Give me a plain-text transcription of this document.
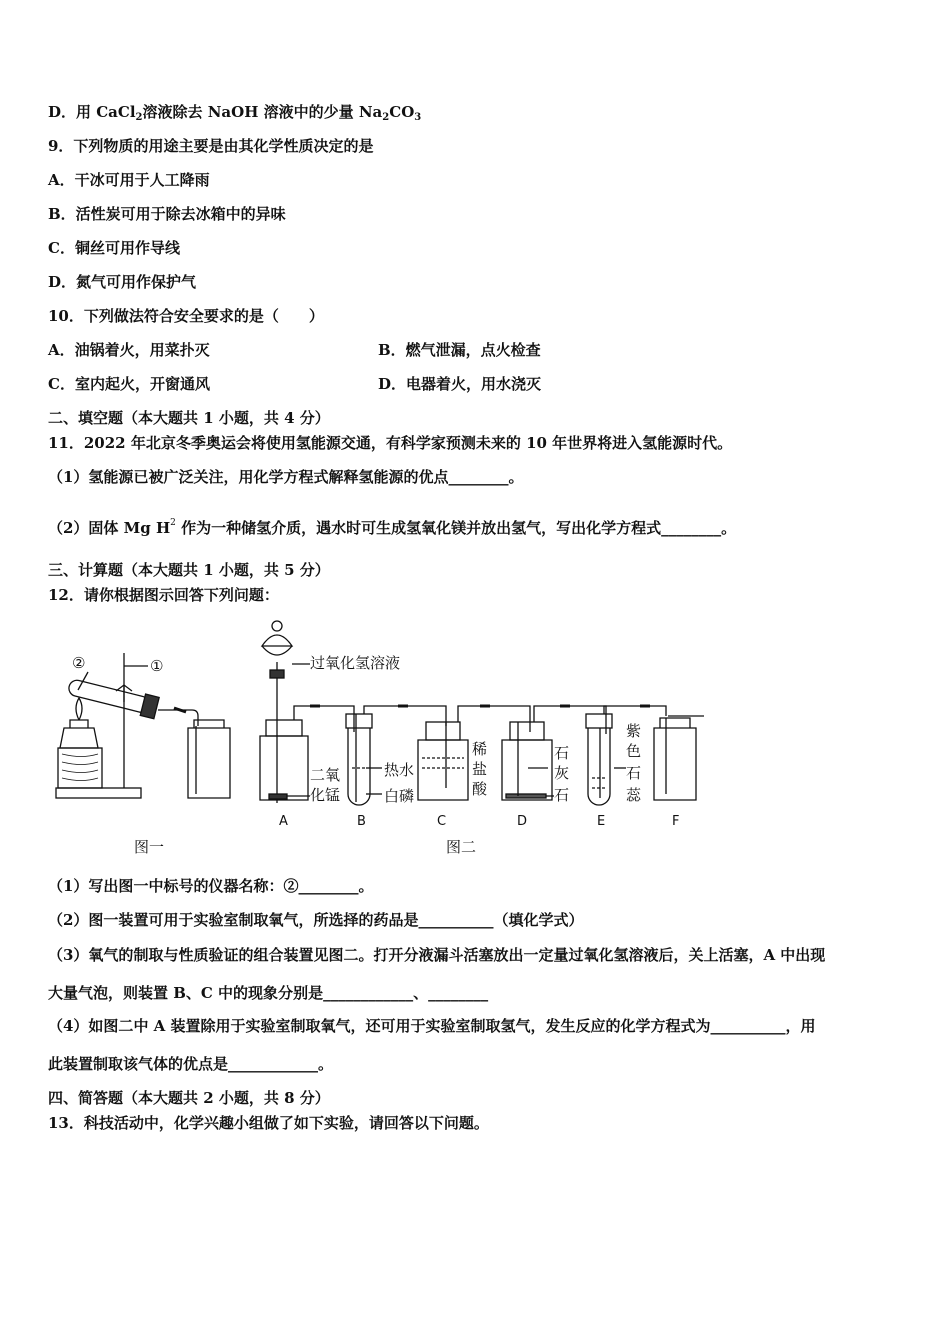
D．用 CaCl$_2$溶液除去 NaOH 溶液中的少量 $Na_2CO_3$
9．下列物质的用途主要是由其化学性质决定的是
A．干冰可用于人工降雨
B．活性炭可用于除去冰箱中的异味
C．铜丝可用作导线
D．氮气可用作保护气
10．下列做法符合安全要求的是（　　）
A．油锅着火，用菜扑灭	B．燃气泄漏，点火检查
C．室内起火，开窗通风	D．电器着火，用水浇灭
二、填空题（本大题共 1 小题，共 4 分）
11．2022 年北京冬季奥运会将使用氢能源交通，有科学家预测未来的 10 年世界将进入氢能源时代。
（1）氢能源已被广泛关注，用化学方程式解释氢能源的优点________。
（2）固体 Mg $H^2$ 作为一种储氢介质，遇水时可生成氢氧化镁并放出氢气，写出化学方程式________。
三、计算题（本大题共 1 小题，共 5 分）
12．请你根据图示回答下列问题：
②	①	过氧化氢溶液
二氧
化锰
热水
白磷
稀
盐
酸
石
灰
石
紫
色
石
蕊
A	B	C	D	E	F
图一	图二
（1）写出图一中标号的仪器名称：②________。
（2）图一装置可用于实验室制取氧气，所选择的药品是__________（填化学式）
（3）氧气的制取与性质验证的组合装置见图二。打开分液漏斗活塞放出一定量过氧化氢溶液后，关上活塞，A 中出现
大量气泡，则装置 B、C 中的现象分别是____________、________
（4）如图二中 A 装置除用于实验室制取氧气，还可用于实验室制取氢气，发生反应的化学方程式为__________，用
此装置制取该气体的优点是____________。
四、简答题（本大题共 2 小题，共 8 分）
13．科技活动中，化学兴趣小组做了如下实验，请回答以下问题。
